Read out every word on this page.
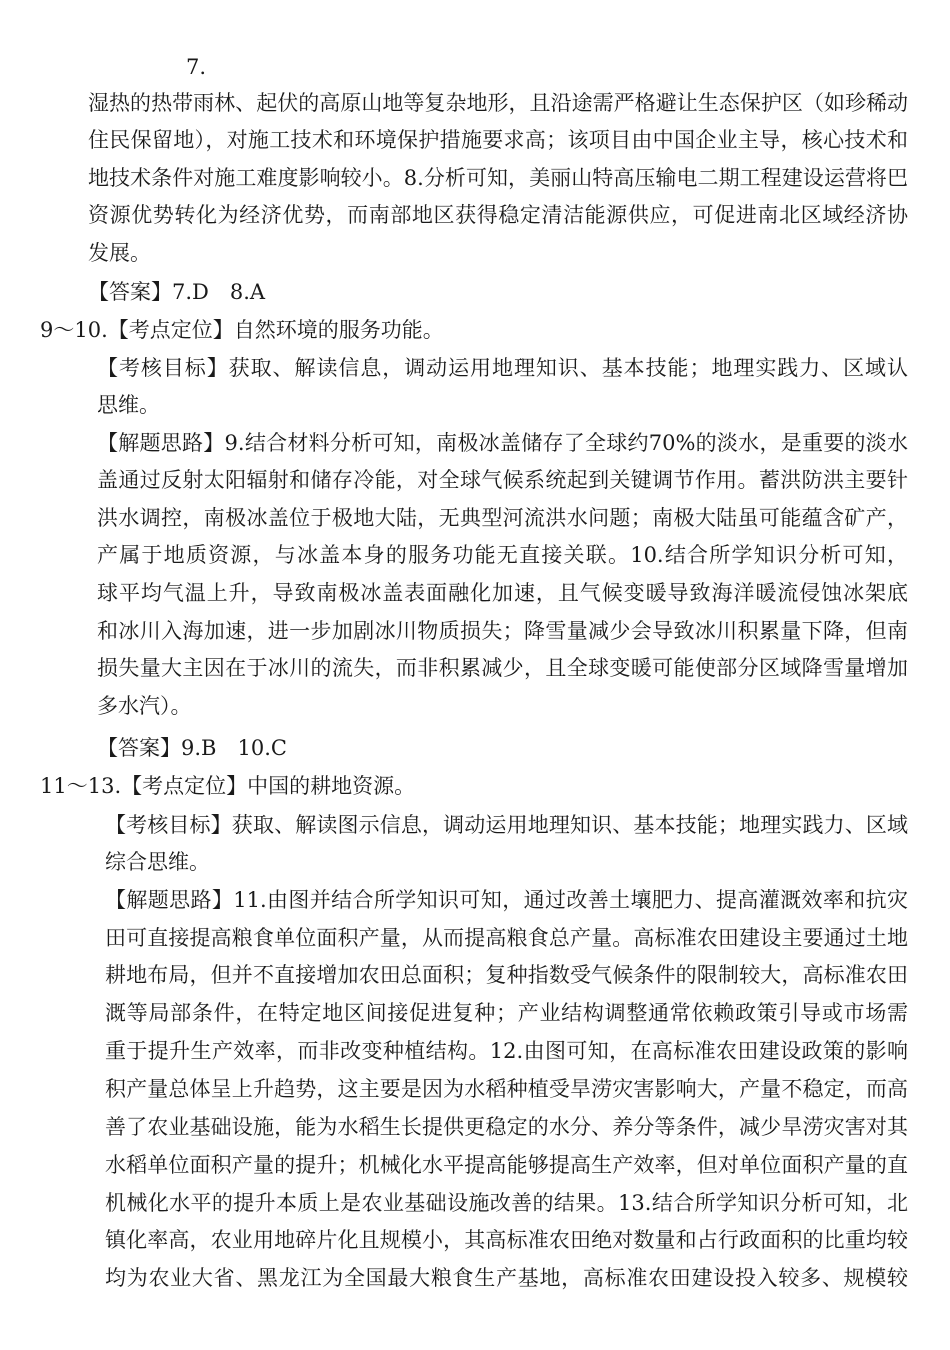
7.
湿热的热带雨林、起伏的高原山地等复杂地形，且沿途需严格避让生态保护区（如珍稀动
住民保留地），对施工技术和环境保护措施要求高；该项目由中国企业主导，核心技术和
地技术条件对施工难度影响较小。8.分析可知，美丽山特高压输电二期工程建设运营将巴
资源优势转化为经济优势，而南部地区获得稳定清洁能源供应，可促进南北区域经济协
发展。
【答案】7.D　8.A
9～10.【考点定位】自然环境的服务功能。
【考核目标】获取、解读信息，调动运用地理知识、基本技能；地理实践力、区域认
思维。
【解题思路】9.结合材料分析可知，南极冰盖储存了全球约70%的淡水，是重要的淡水
盖通过反射太阳辐射和储存冷能，对全球气候系统起到关键调节作用。蓄洪防洪主要针
洪水调控，南极冰盖位于极地大陆，无典型河流洪水问题；南极大陆虽可能蕴含矿产，
产属于地质资源，与冰盖本身的服务功能无直接关联。10.结合所学知识分析可知，
球平均气温上升，导致南极冰盖表面融化加速，且气候变暖导致海洋暖流侵蚀冰架底
和冰川入海加速，进一步加剧冰川物质损失；降雪量减少会导致冰川积累量下降，但南
损失量大主因在于冰川的流失，而非积累减少，且全球变暖可能使部分区域降雪量增加
多水汽）。
【答案】9.B　10.C
11～13.【考点定位】中国的耕地资源。
【考核目标】获取、解读图示信息，调动运用地理知识、基本技能；地理实践力、区域
综合思维。
【解题思路】11.由图并结合所学知识可知，通过改善土壤肥力、提高灌溉效率和抗灾
田可直接提高粮食单位面积产量，从而提高粮食总产量。高标准农田建设主要通过土地
耕地布局，但并不直接增加农田总面积；复种指数受气候条件的限制较大，高标准农田
溉等局部条件，在特定地区间接促进复种；产业结构调整通常依赖政策引导或市场需
重于提升生产效率，而非改变种植结构。12.由图可知，在高标准农田建设政策的影响
积产量总体呈上升趋势，这主要是因为水稻种植受旱涝灾害影响大，产量不稳定，而高
善了农业基础设施，能为水稻生长提供更稳定的水分、养分等条件，减少旱涝灾害对其
水稻单位面积产量的提升；机械化水平提高能够提高生产效率，但对单位面积产量的直
机械化水平的提升本质上是农业基础设施改善的结果。13.结合所学知识分析可知，北
镇化率高，农业用地碎片化且规模小，其高标准农田绝对数量和占行政面积的比重均较
均为农业大省、黑龙江为全国最大粮食生产基地，高标准农田建设投入较多、规模较
